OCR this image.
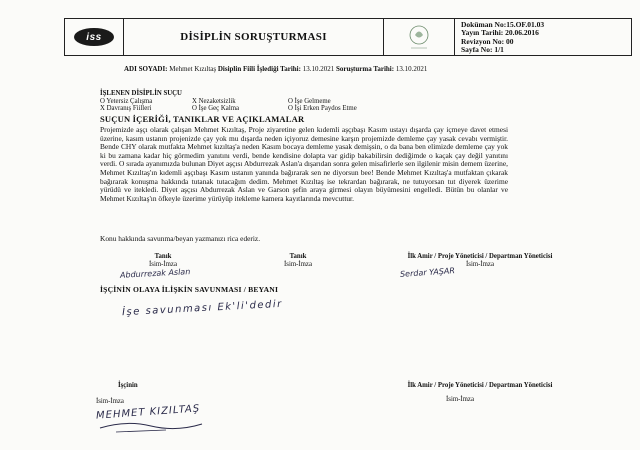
iss	DİSİPLİN SORUŞTURMASI
Doküman No:15.OF.01.03
Yayın Tarihi: 20.06.2016
Revizyon No: 00
Sayfa No: 1/1
ADI SOYADI: Mehmet Kızıltaş Disiplin Fiili İşlediği Tarihi: 13.10.2021 Soruşturma Tarihi: 13.10.2021
İŞLENEN DİSİPLİN SUÇU
O Yetersiz Çalışma	X Nezaketsizlik	O İşe Gelmeme
X Davranış Fiilleri	O İşe Geç Kalma	O İşi Erken Paydos Etme
SUÇUN İÇERİĞİ, TANIKLAR VE AÇIKLAMALAR
Projemizde aşçı olarak çalışan Mehmet Kızıltaş, Proje ziyaretine gelen kıdemli aşçıbaşı Kasım ustayı dışarda çay içmeye davet etmesi üzerine, kasım ustanın projenizde çay yok mu dışarda neden içiyoruz demesine karşın projemizde demleme çay yasak cevabı vermiştir. Bende CHY olarak mutfakta Mehmet kızıltaş'a neden Kasım bocaya demleme yasak demişsin, o da bana ben elimizde demleme çay yok ki bu zamana kadar hiç görmedim yanıtını verdi, bende kendisine dolapta var gidip bakabilirsin dediğimde o kaçak çay değil yanıtını verdi. O sırada ayanımızda bulunan Diyet aşçısı Abdurrezak Aslan'a dışarıdan sonra gelen misafirlerle sen ilgilenir misin demem üzerine, Mehmet Kızıltaş'ın kıdemli aşçıbaşı Kasım ustanın yanında bağırarak sen ne diyorsun bee! Bende Mehmet Kızıltaş'a mutfaktan çıkarak bağırarak konuşma hakkında tutanak tutacağım dedim. Mehmet Kızıltaş ise tekrardan bağırarak, ne tutuyorsan tut diyerek üzerime yürüdü ve itekledi. Diyet aşçısı Abdurrezak Aslan ve Garson şefin araya girmesi olayın büyümesini engelledi. Bütün bu olanlar ve Mehmet Kızıltaş'ın öfkeyle üzerime yürüyüp itekleme kamera kayıtlarında mevcuttur.
Konu hakkında savunma/beyan yazmanızı rica ederiz.
Tanık
İsim-İmza
Abdurrezak Aslan
Tanık
İsim-İmza
İlk Amir / Proje Yöneticisi / Departman Yöneticisi
İsim-İmza
Serdar YAŞAR
İŞÇİNİN OLAYA İLİŞKİN SAVUNMASI / BEYANI
İşe savunması Ek'li'dedir
İşçinin
İsim-İmza
MEHMET KIZILTAŞ
İlk Amir / Proje Yöneticisi / Departman Yöneticisi
İsim-İmza
